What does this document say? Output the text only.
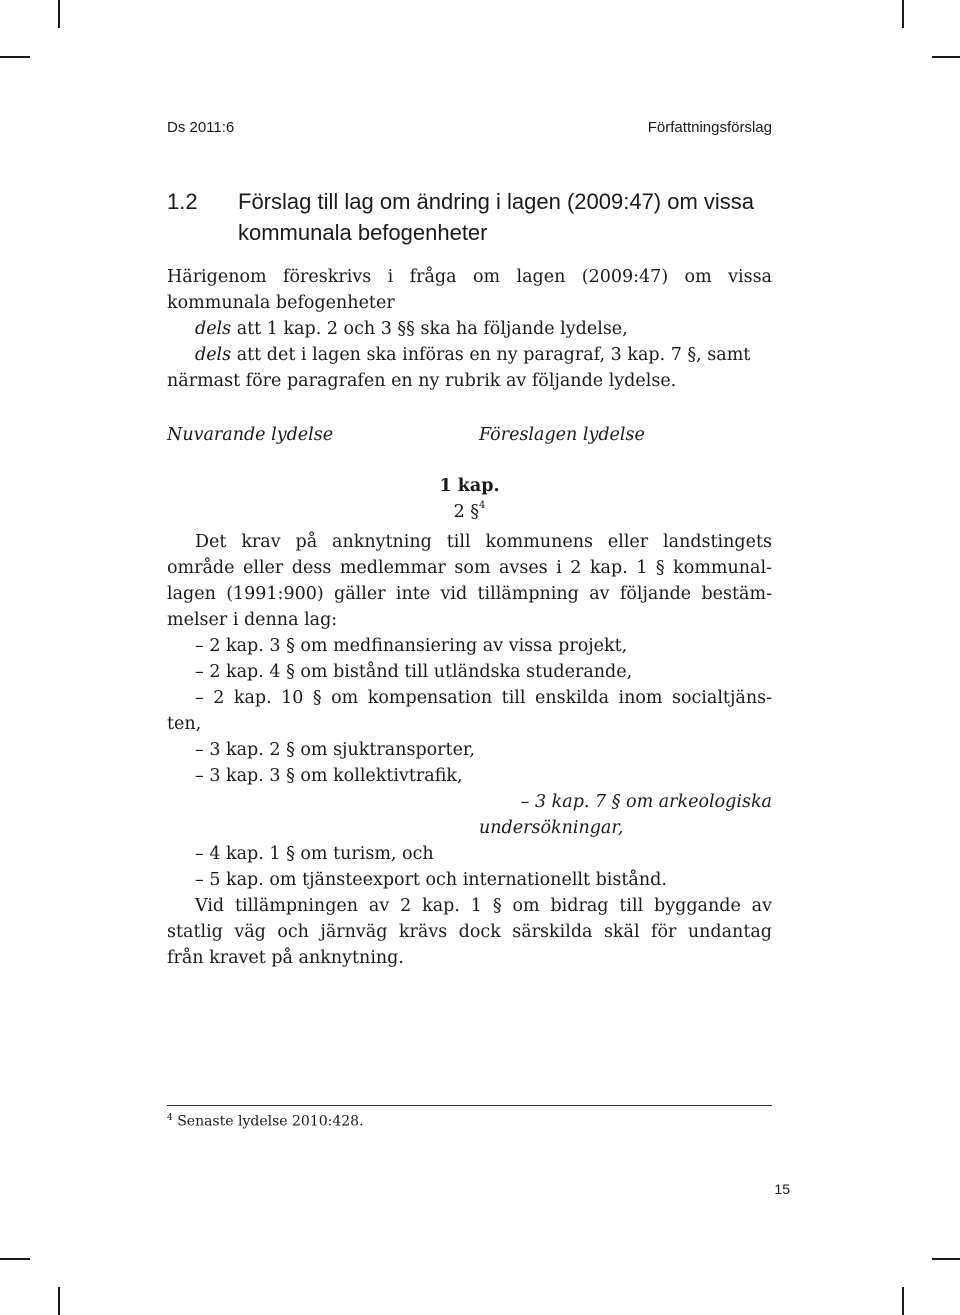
Ds 2011:6	Författningsförslag
1.2 Förslag till lag om ändring i lagen (2009:47) om vissa kommunala befogenheter
Härigenom föreskrivs i fråga om lagen (2009:47) om vissa
kommunala befogenheter
dels att 1 kap. 2 och 3 §§ ska ha följande lydelse,
dels att det i lagen ska införas en ny paragraf, 3 kap. 7 §, samt
närmast före paragrafen en ny rubrik av följande lydelse.
Nuvarande lydelse	Föreslagen lydelse
1 kap.
2 §$^4$
Det krav på anknytning till kommunens eller landstingets
område eller dess medlemmar som avses i 2 kap. 1 § kommunal-
lagen (1991:900) gäller inte vid tillämpning av följande bestäm-
melser i denna lag:
– 2 kap. 3 § om medfinansiering av vissa projekt,
– 2 kap. 4 § om bistånd till utländska studerande,
– 2 kap. 10 § om kompensation till enskilda inom socialtjäns-
ten,
– 3 kap. 2 § om sjuktransporter,
– 3 kap. 3 § om kollektivtrafik,
– 3 kap. 7 § om arkeologiska
undersökningar,
– 4 kap. 1 § om turism, och
– 5 kap. om tjänsteexport och internationellt bistånd.
Vid tillämpningen av 2 kap. 1 § om bidrag till byggande av
statlig väg och järnväg krävs dock särskilda skäl för undantag
från kravet på anknytning.
$^4$ Senaste lydelse 2010:428.
15
